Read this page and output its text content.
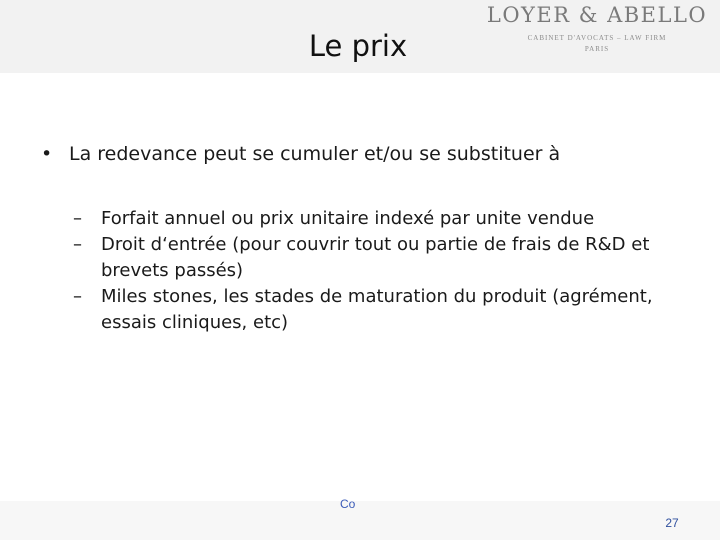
Le prix
LOYER & ABELLO
CABINET D'AVOCATS – LAW FIRM
PARIS
• La redevance peut se cumuler et/ou se substituer à

– Forfait annuel ou prix unitaire indexé par unite vendue

– Droit d‘entrée (pour couvrir tout ou partie de frais de R&D et brevets passés)

– Miles stones, les stades de maturation du produit (agrément, essais cliniques, etc)

Co
27
